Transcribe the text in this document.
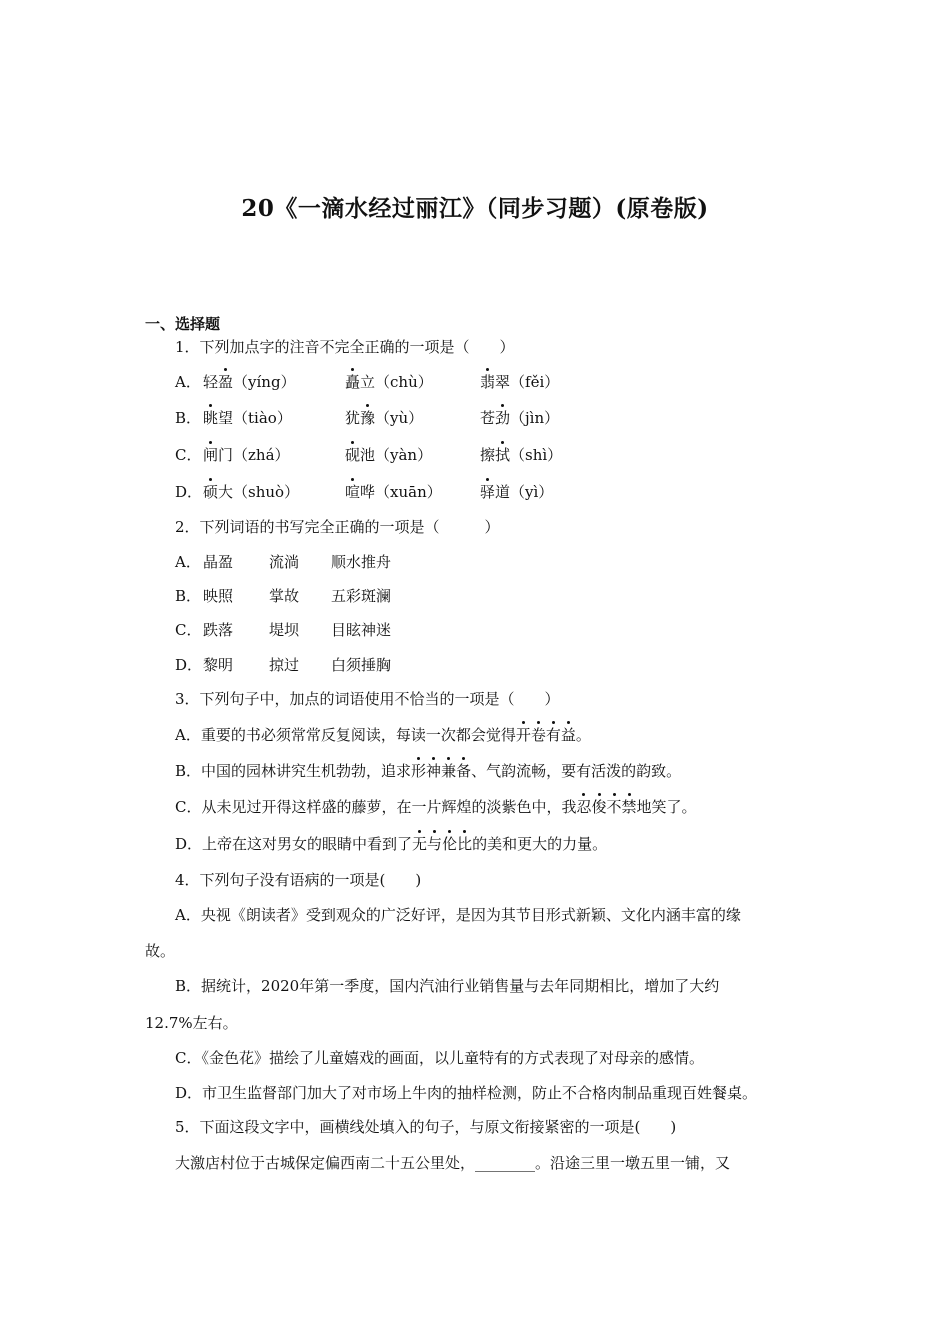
20《一滴水经过丽江》（同步习题）(原卷版)
一、选择题
1．下列加点字的注音不完全正确的一项是（　　）
A． 轻盈（yíng）	矗立（chù）	翡翠（fěi）
B． 眺望（tiào）	犹豫（yù）	苍劲（jìn）
C． 闸门（zhá）	砚池（yàn）	擦拭（shì）
D． 硕大（shuò）	喧哗（xuān）	驿道（yì）
2．下列词语的书写完全正确的一项是（　　　）
A． 晶盈 流淌 顺水推舟
B． 映照 掌故 五彩斑澜
C． 跌落 堤坝 目眩神迷
D． 黎明 掠过 白须捶胸
3．下列句子中，加点的词语使用不恰当的一项是（　　）
A．重要的书必须常常反复阅读，每读一次都会觉得开卷有益。
B．中国的园林讲究生机勃勃，追求形神兼备、气韵流畅，要有活泼的韵致。
C．从未见过开得这样盛的藤萝，在一片辉煌的淡紫色中，我忍俊不禁地笑了。
D．上帝在这对男女的眼睛中看到了无与伦比的美和更大的力量。
4．下列句子没有语病的一项是(　　)
A．央视《朗读者》受到观众的广泛好评，是因为其节目形式新颖、文化内涵丰富的缘
故。
B．据统计，2020年第一季度，国内汽油行业销售量与去年同期相比，增加了大约
12.7%左右。
C．《金色花》描绘了儿童嬉戏的画面，以儿童特有的方式表现了对母亲的感情。
D．市卫生监督部门加大了对市场上牛肉的抽样检测，防止不合格肉制品重现百姓餐桌。
5．下面这段文字中，画横线处填入的句子，与原文衔接紧密的一项是(　　)
大激店村位于古城保定偏西南二十五公里处，________。沿途三里一墩五里一铺，又
